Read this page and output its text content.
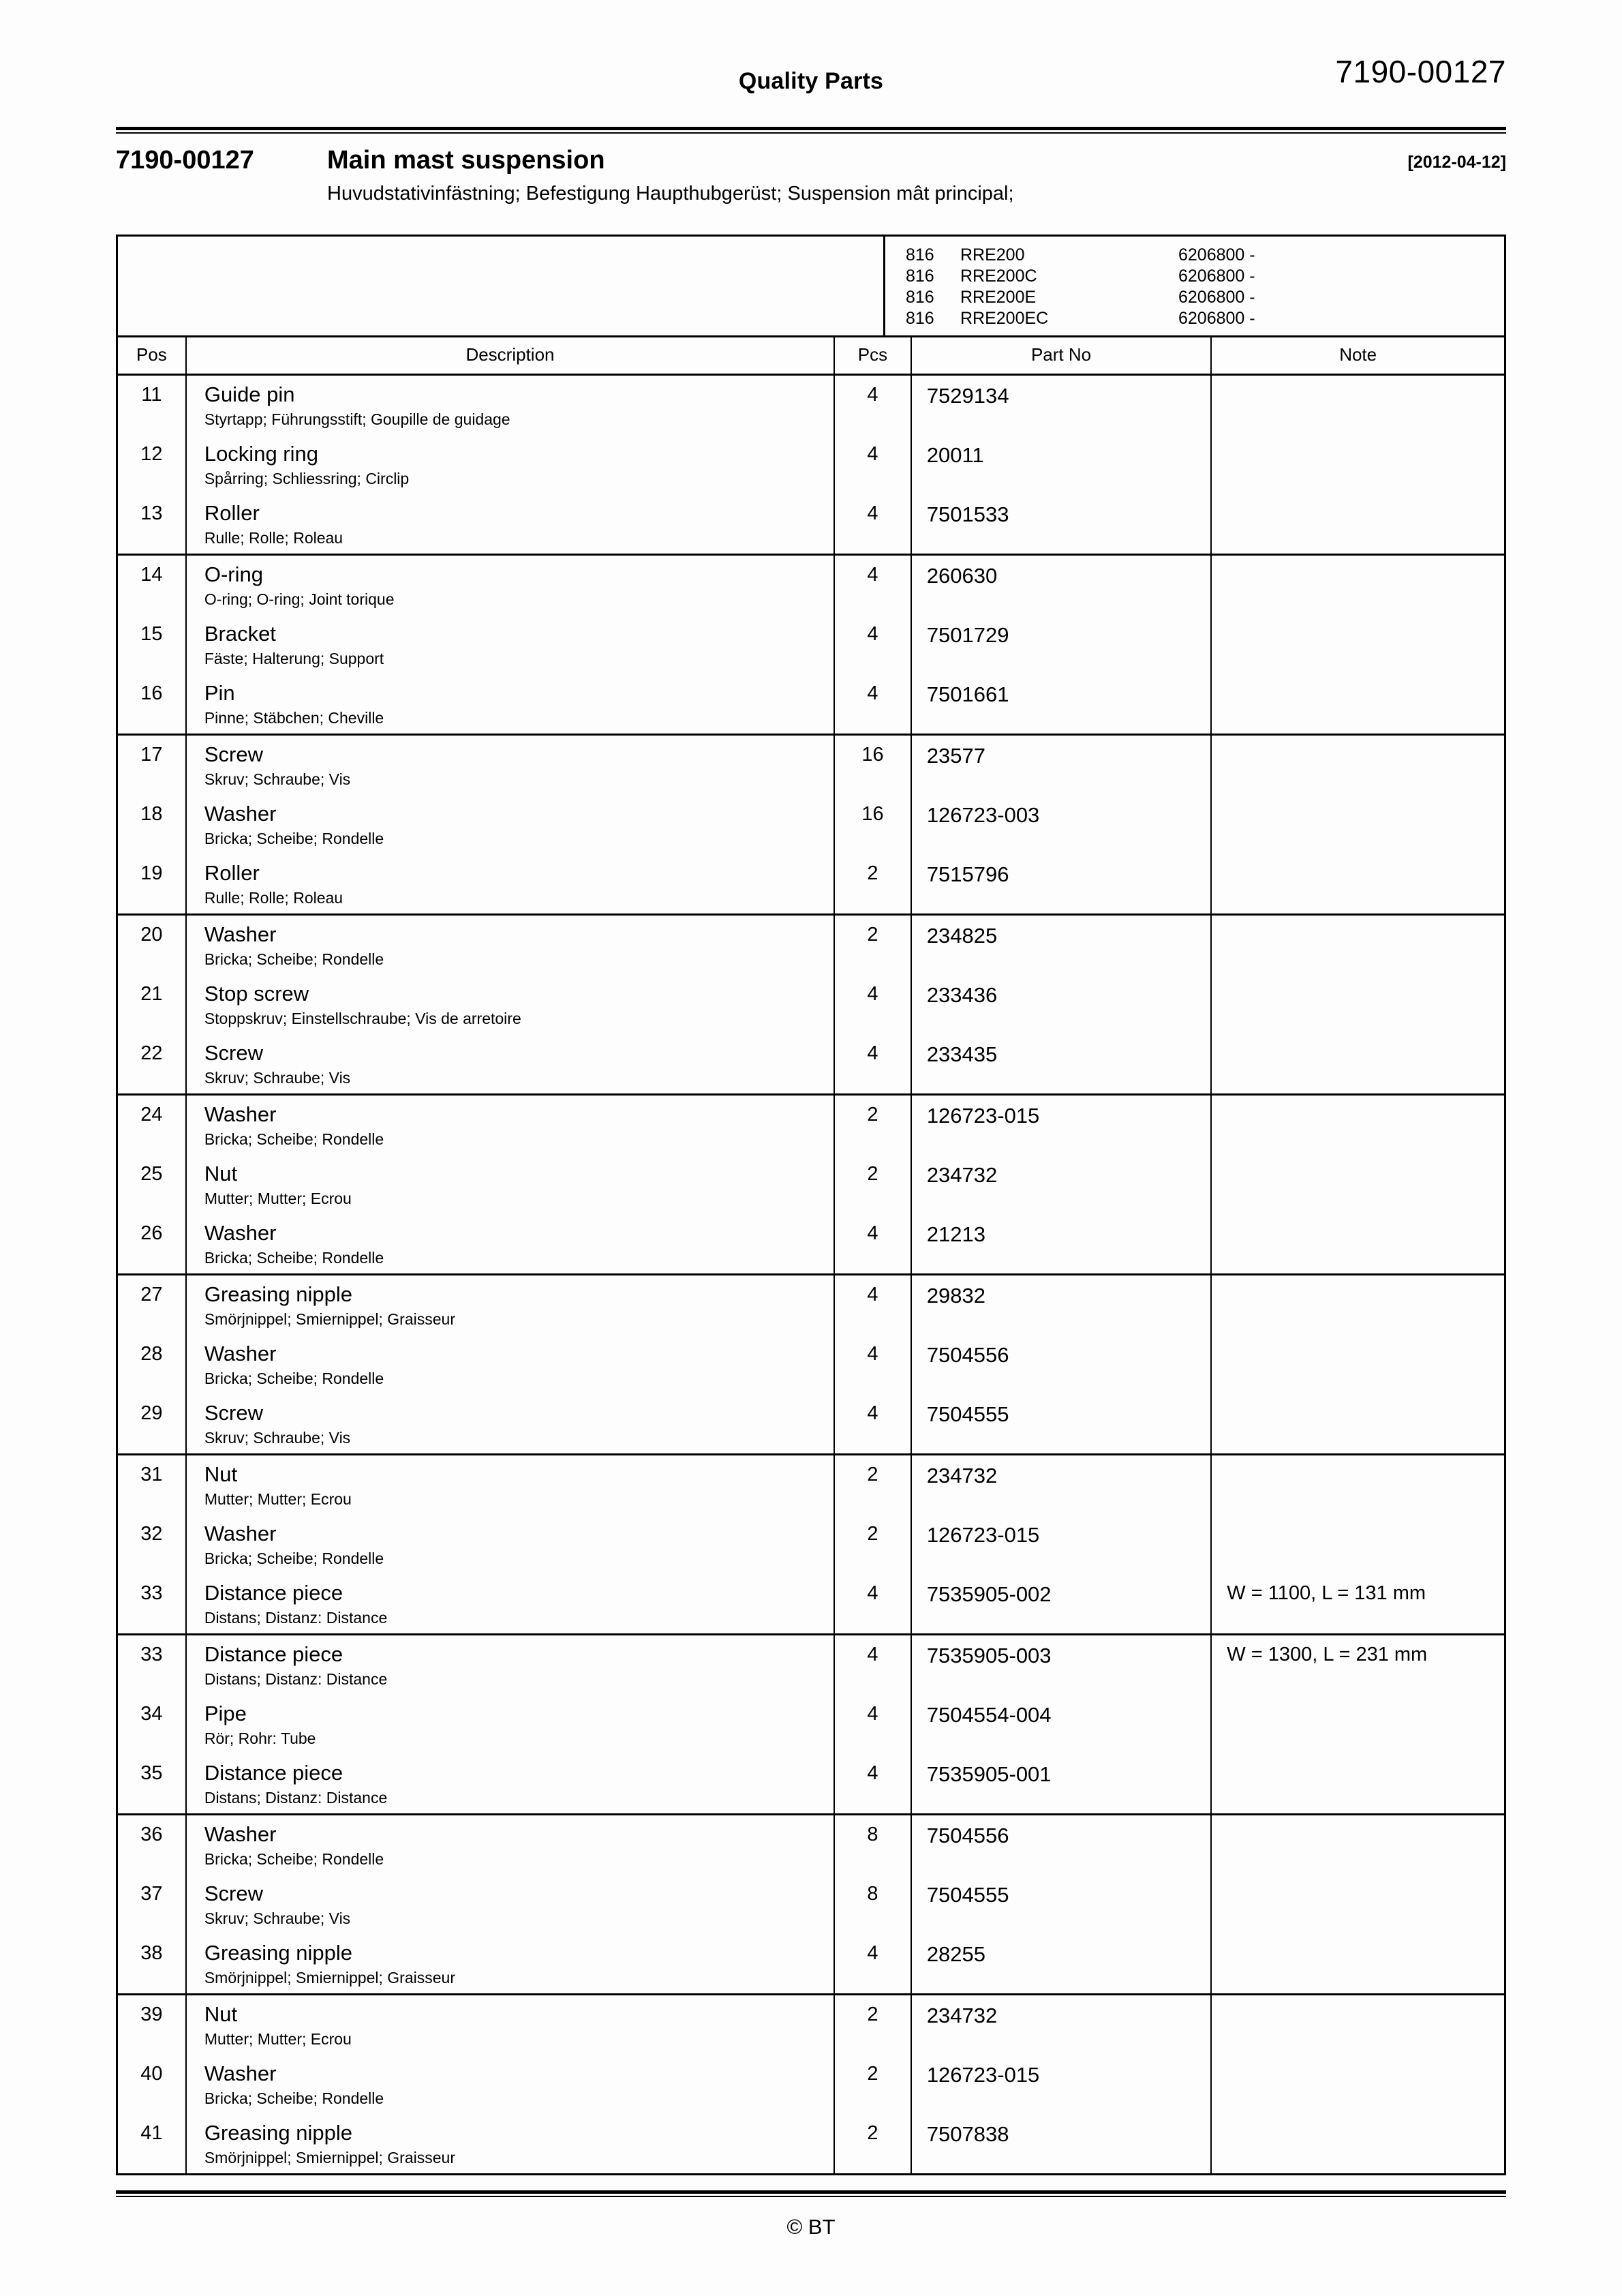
Quality Parts	7190-00127
7190-00127	Main mast suspension	[2012-04-12]
Huvudstativinfästning; Befestigung Haupthubgerüst; Suspension mât principal;
816	RRE200	6206800 -
816	RRE200C	6206800 -
816	RRE200E	6206800 -
816	RRE200EC	6206800 -
Pos	Description	Pcs	Part No	Note

11	Guide pin
Styrtapp; Führungsstift; Goupille de guidage	4	7529134	

12	Locking ring
Spårring; Schliessring; Circlip	4	20011	

13	Roller
Rulle; Rolle; Roleau	4	7501533	

14	O-ring
O-ring; O-ring; Joint torique	4	260630	

15	Bracket
Fäste; Halterung; Support	4	7501729	

16	Pin
Pinne; Stäbchen; Cheville	4	7501661	

17	Screw
Skruv; Schraube; Vis	16	23577	

18	Washer
Bricka; Scheibe; Rondelle	16	126723-003	

19	Roller
Rulle; Rolle; Roleau	2	7515796	

20	Washer
Bricka; Scheibe; Rondelle	2	234825	

21	Stop screw
Stoppskruv; Einstellschraube; Vis de arretoire	4	233436	

22	Screw
Skruv; Schraube; Vis	4	233435	

24	Washer
Bricka; Scheibe; Rondelle	2	126723-015	

25	Nut
Mutter; Mutter; Ecrou	2	234732	

26	Washer
Bricka; Scheibe; Rondelle	4	21213	

27	Greasing nipple
Smörjnippel; Smiernippel; Graisseur	4	29832	

28	Washer
Bricka; Scheibe; Rondelle	4	7504556	

29	Screw
Skruv; Schraube; Vis	4	7504555	

31	Nut
Mutter; Mutter; Ecrou	2	234732	

32	Washer
Bricka; Scheibe; Rondelle	2	126723-015	

33	Distance piece
Distans; Distanz: Distance	4	7535905-002	W = 1100, L = 131 mm

33	Distance piece
Distans; Distanz: Distance	4	7535905-003	W = 1300, L = 231 mm

34	Pipe
Rör; Rohr: Tube	4	7504554-004	

35	Distance piece
Distans; Distanz: Distance	4	7535905-001	

36	Washer
Bricka; Scheibe; Rondelle	8	7504556	

37	Screw
Skruv; Schraube; Vis	8	7504555	

38	Greasing nipple
Smörjnippel; Smiernippel; Graisseur	4	28255	

39	Nut
Mutter; Mutter; Ecrou	2	234732	

40	Washer
Bricka; Scheibe; Rondelle	2	126723-015	

41	Greasing nipple
Smörjnippel; Smiernippel; Graisseur	2	7507838	

© BT
